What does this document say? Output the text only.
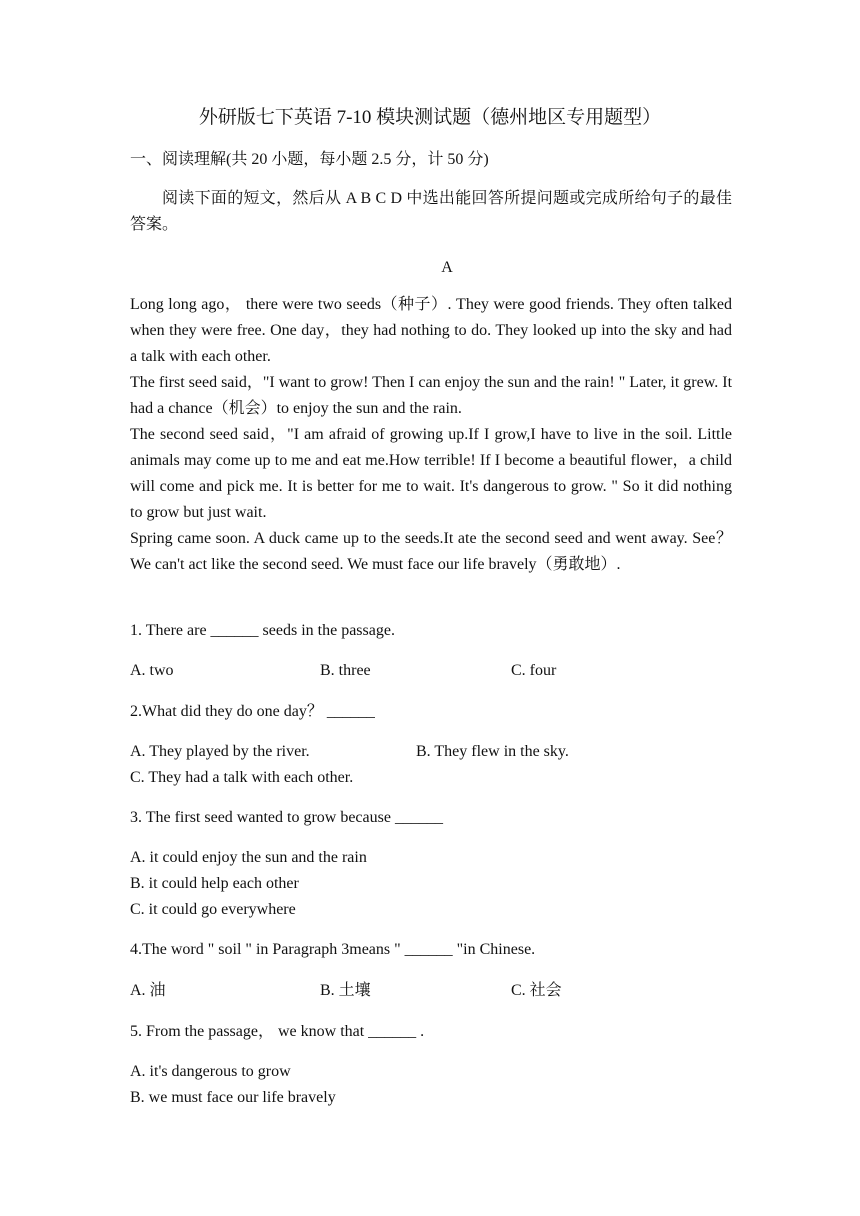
外研版七下英语 7-10 模块测试题（德州地区专用题型）
一、阅读理解(共 20 小题，每小题 2.5 分，计 50 分)
阅读下面的短文，然后从 A B C D 中选出能回答所提问题或完成所给句子的最佳答案。
A

Long long ago， there were two seeds（种子）. They were good friends. They often talked when they were free. One day，they had nothing to do. They looked up into the sky and had a talk with each other.

The first seed said，"I want to grow! Then I can enjoy the sun and the rain! " Later, it grew. It had a chance（机会）to enjoy the sun and the rain.

The second seed said，"I am afraid of growing up.If I grow,I have to live in the soil. Little animals may come up to me and eat me.How terrible! If I become a beautiful flower，a child will come and pick me. It is better for me to wait. It's dangerous to grow. " So it did nothing to grow but just wait.

Spring came soon. A duck came up to the seeds.It ate the second seed and went away. See？We can't act like the second seed. We must face our life bravely（勇敢地）.

1. There are ______ seeds in the passage.
A. two	B. three	C. four
2.What did they do one day？ ______
A. They played by the river.	B. They flew in the sky.
C. They had a talk with each other.
3. The first seed wanted to grow because ______
A. it could enjoy the sun and the rain
B. it could help each other
C. it could go everywhere
4.The word " soil " in Paragraph 3means " ______ "in Chinese.
A. 油	B. 土壤	C. 社会
5. From the passage， we know that ______ .
A. it's dangerous to grow
B. we must face our life bravely
